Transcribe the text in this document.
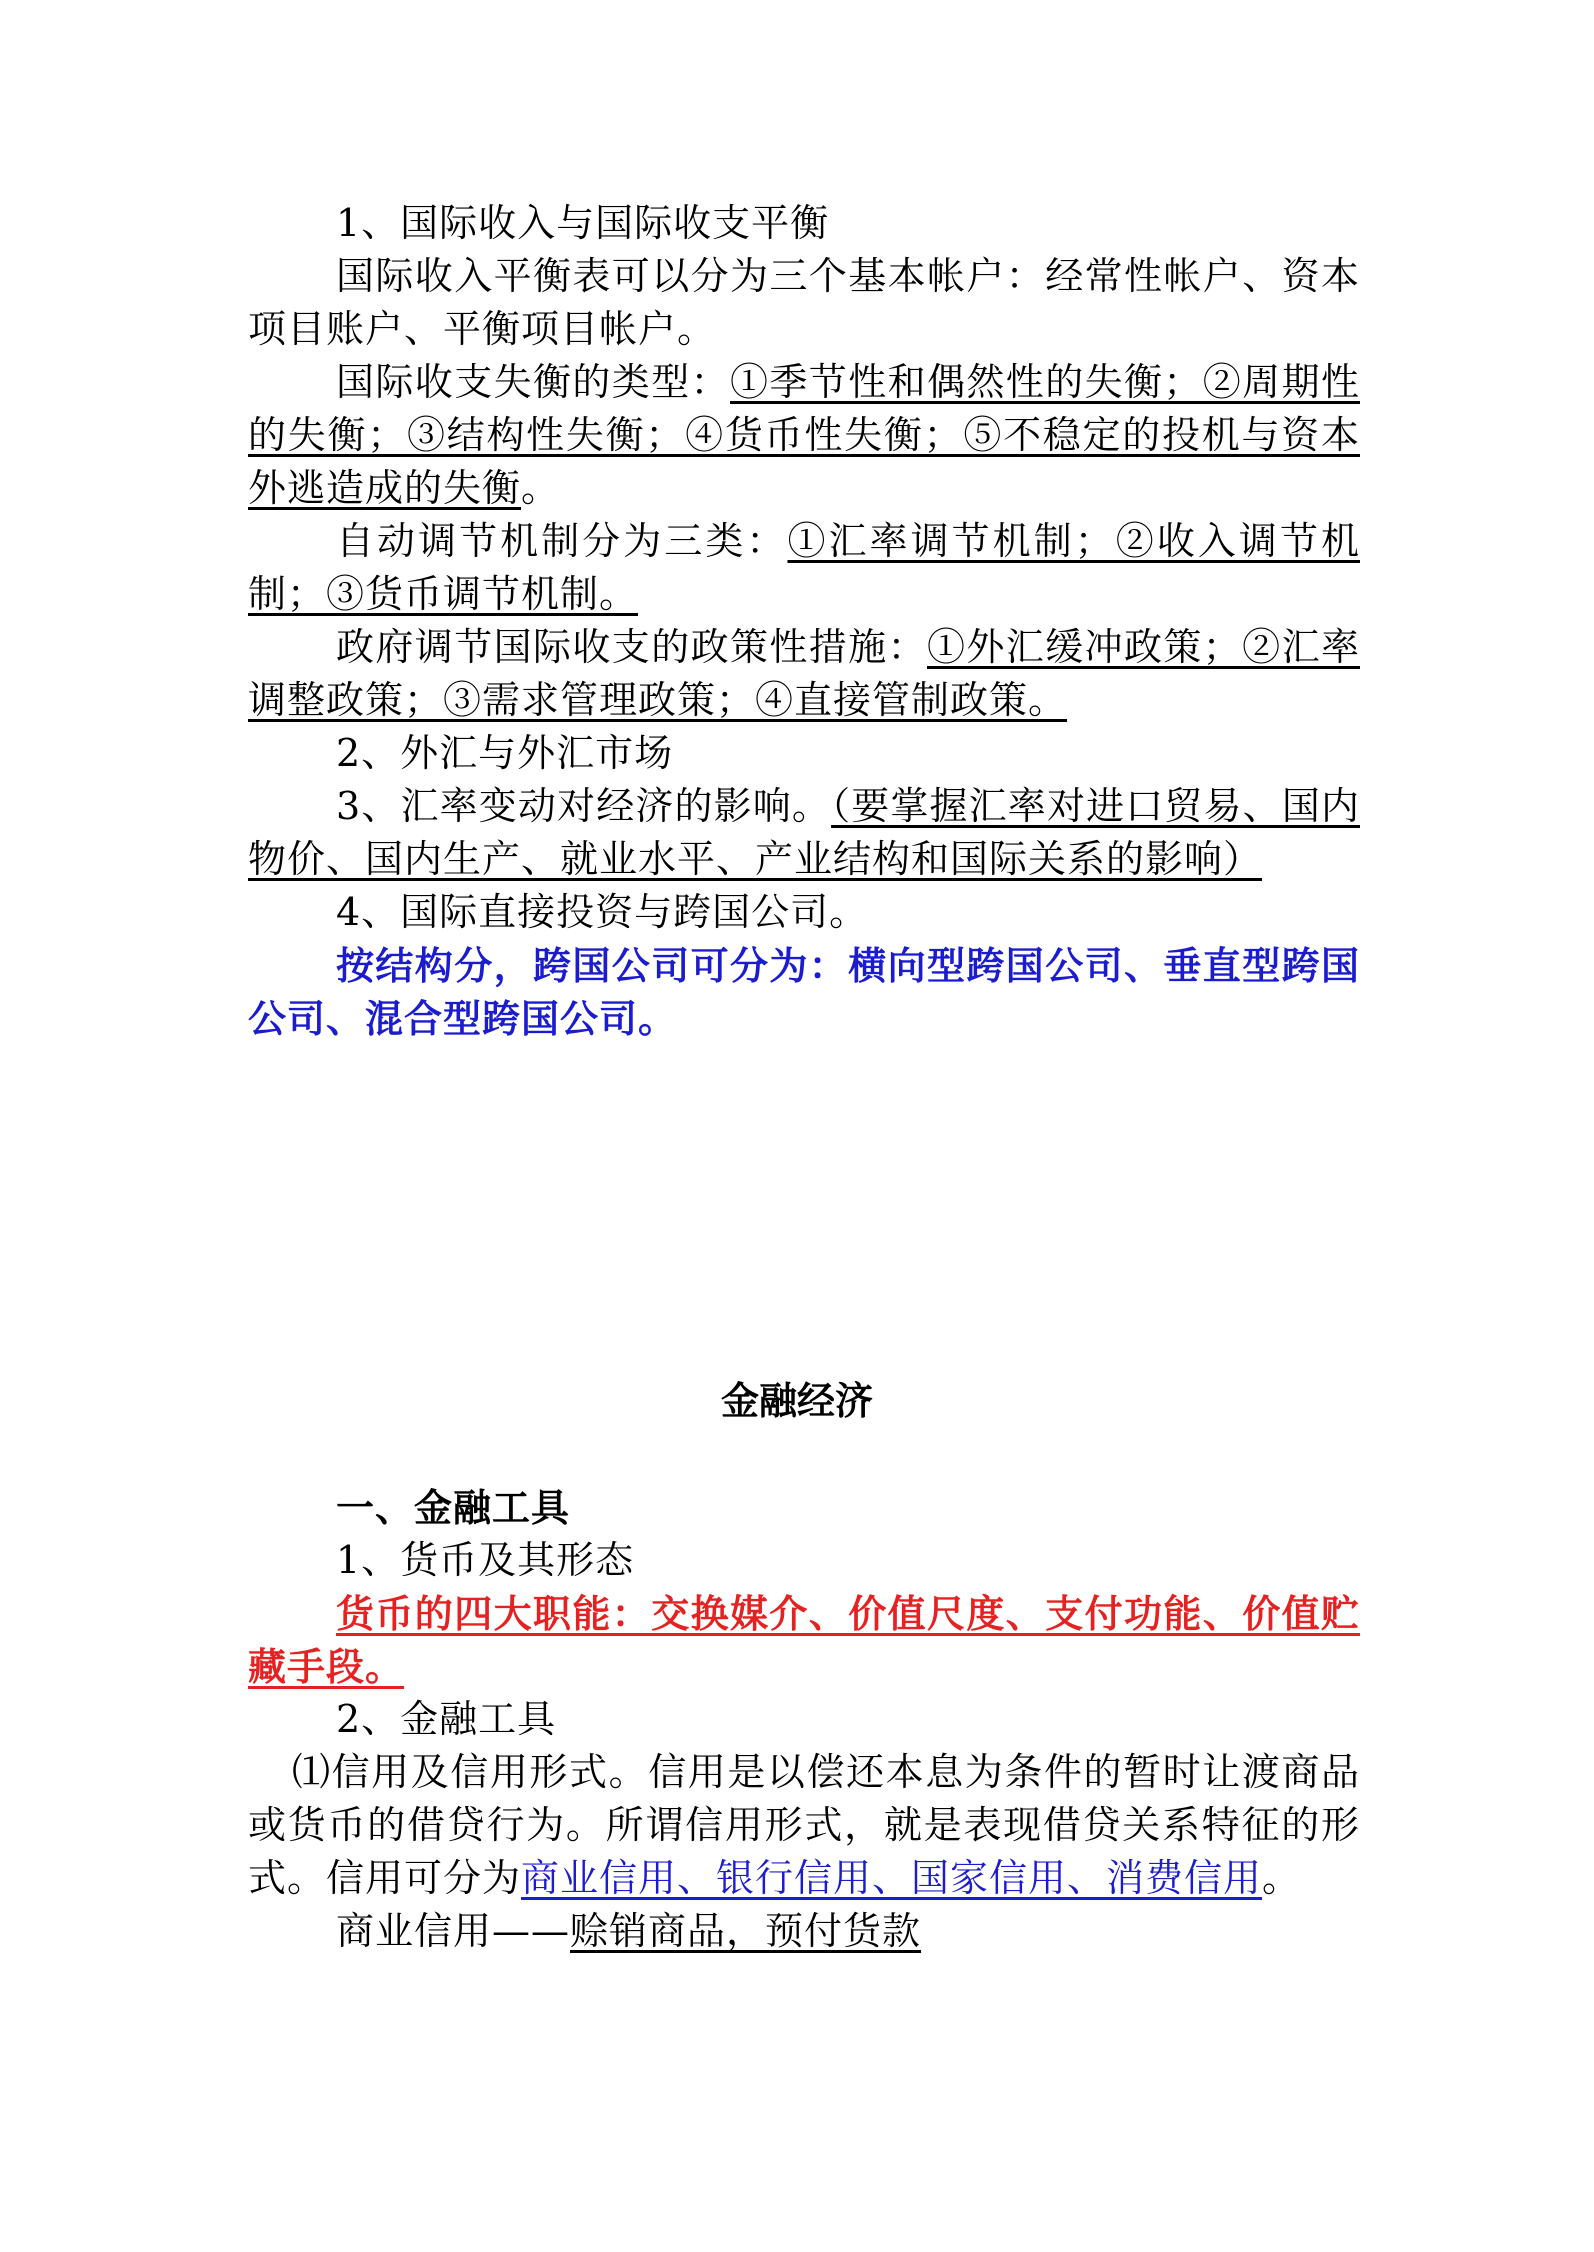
1、国际收入与国际收支平衡

国际收入平衡表可以分为三个基本帐户：经常性帐户、资本项目账户、平衡项目帐户。

国际收支失衡的类型：①季节性和偶然性的失衡；②周期性的失衡；③结构性失衡；④货币性失衡；⑤不稳定的投机与资本外逃造成的失衡。

自动调节机制分为三类：①汇率调节机制；②收入调节机制；③货币调节机制。

政府调节国际收支的政策性措施：①外汇缓冲政策；②汇率调整政策；③需求管理政策；④直接管制政策。

2、外汇与外汇市场

3、汇率变动对经济的影响。（要掌握汇率对进口贸易、国内物价、国内生产、就业水平、产业结构和国际关系的影响）

4、国际直接投资与跨国公司。

按结构分，跨国公司可分为：横向型跨国公司、垂直型跨国公司、混合型跨国公司。

金融经济

一、金融工具

1、货币及其形态

货币的四大职能：交换媒介、价值尺度、支付功能、价值贮藏手段。

2、金融工具

⑴信用及信用形式。信用是以偿还本息为条件的暂时让渡商品或货币的借贷行为。所谓信用形式，就是表现借贷关系特征的形式。信用可分为商业信用、银行信用、国家信用、消费信用。

商业信用——赊销商品，预付货款
